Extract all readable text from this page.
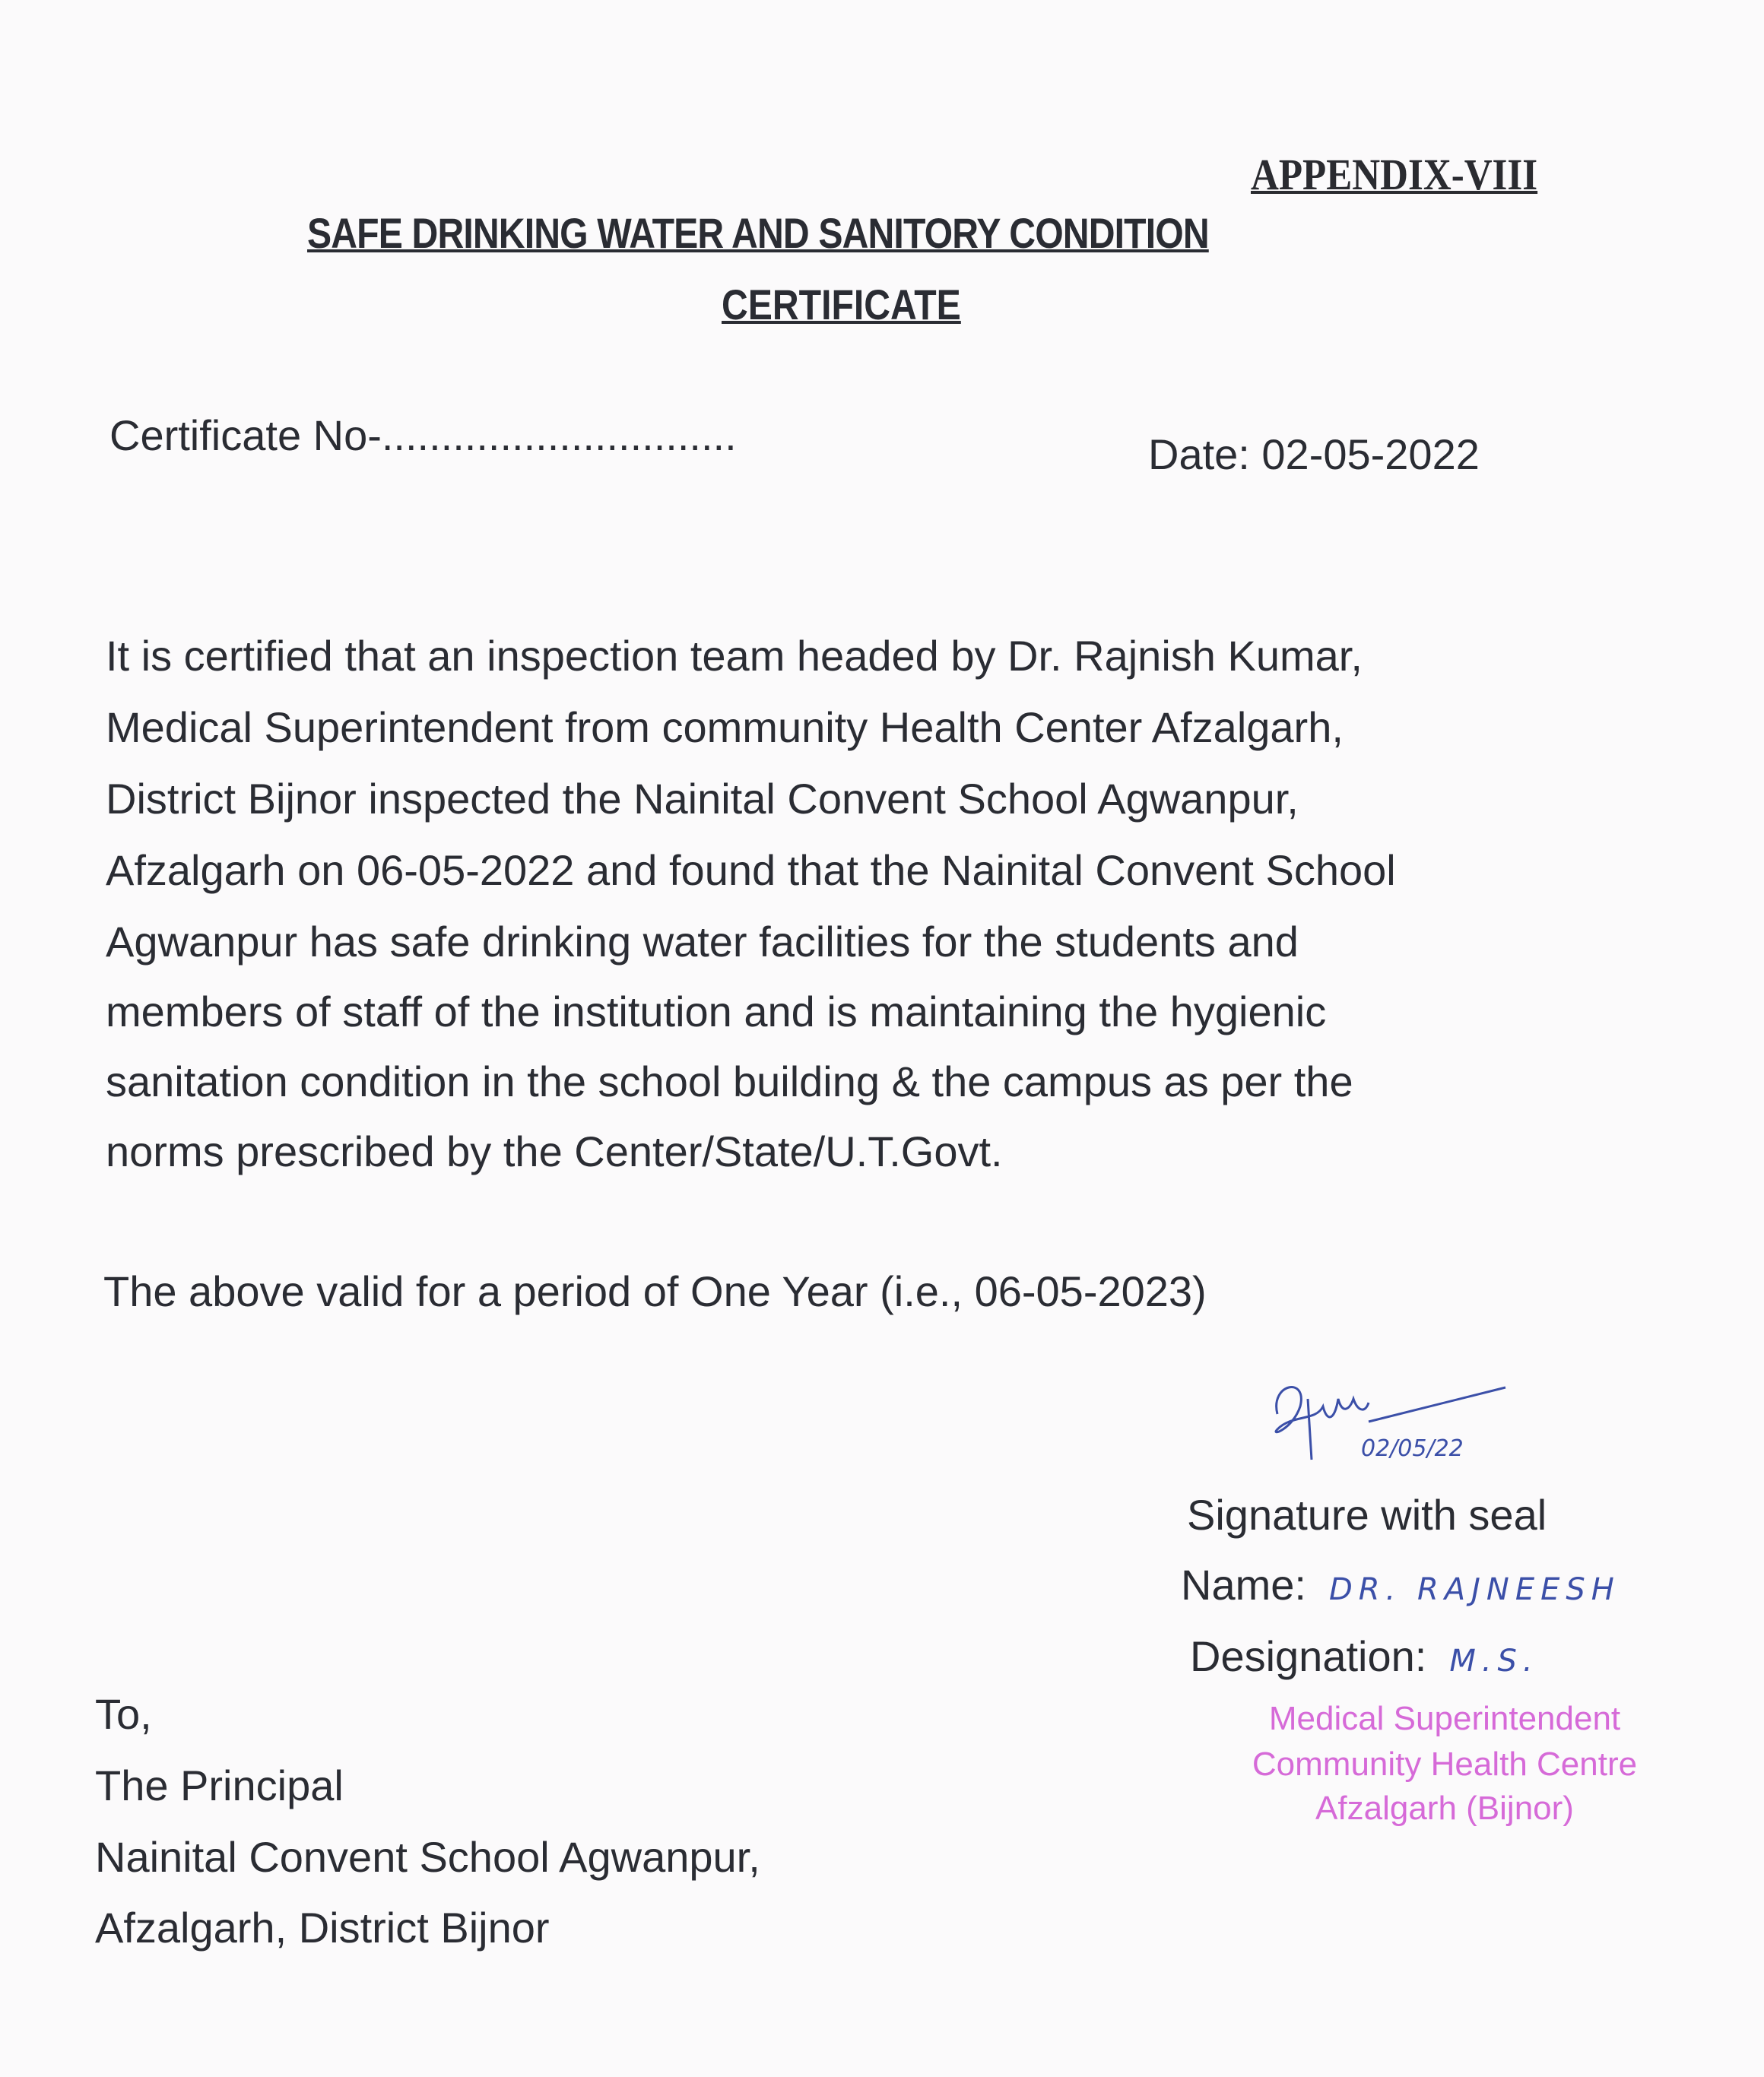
APPENDIX-VIII
SAFE DRINKING WATER AND SANITORY CONDITION
CERTIFICATE
Certificate No-..............................	Date: 02-05-2022
It is certified that an inspection team headed by Dr. Rajnish Kumar,
Medical Superintendent from community Health Center Afzalgarh,
District Bijnor inspected the Nainital Convent School Agwanpur,
Afzalgarh on 06-05-2022 and found that the Nainital Convent School
Agwanpur has safe drinking water facilities for the students and
members of staff of the institution and is maintaining the hygienic
sanitation condition in the school building & the campus as per the
norms prescribed by the Center/State/U.T.Govt.
The above valid for a period of One Year (i.e., 06-05-2023)
02/05/22
Signature with seal
Name: DR. RAJNEESH
Designation: M.S.
Medical Superintendent
Community Health Centre
Afzalgarh (Bijnor)
To,
The Principal
Nainital Convent School Agwanpur,
Afzalgarh, District Bijnor
